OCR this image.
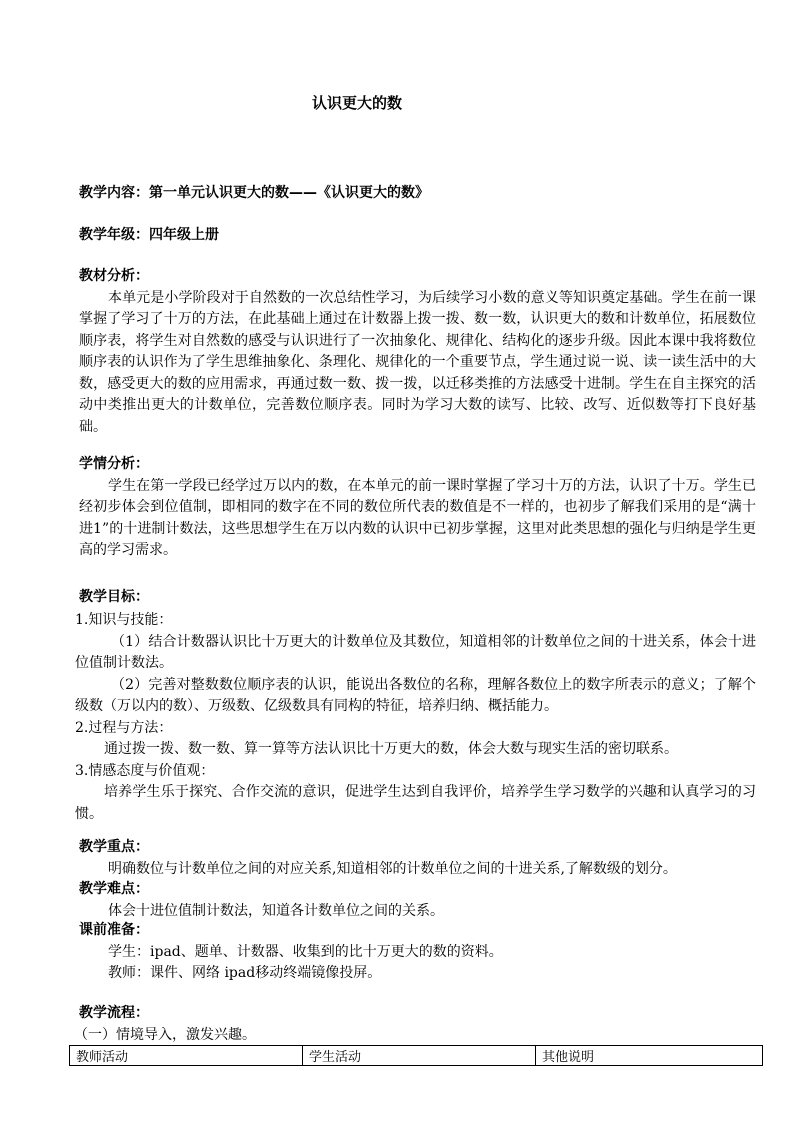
认识更大的数

教学内容：第一单元认识更大的数——《认识更大的数》

教学年级：四年级上册

教材分析：

本单元是小学阶段对于自然数的一次总结性学习，为后续学习小数的意义等知识奠定基础。学生在前一课掌握了学习了十万的方法，在此基础上通过在计数器上拨一拨、数一数，认识更大的数和计数单位，拓展数位顺序表，将学生对自然数的感受与认识进行了一次抽象化、规律化、结构化的逐步升级。因此本课中我将数位顺序表的认识作为了学生思维抽象化、条理化、规律化的一个重要节点，学生通过说一说、读一读生活中的大数，感受更大的数的应用需求，再通过数一数、拨一拨，以迁移类推的方法感受十进制。学生在自主探究的活动中类推出更大的计数单位，完善数位顺序表。同时为学习大数的读写、比较、改写、近似数等打下良好基础。

学情分析：

学生在第一学段已经学过万以内的数，在本单元的前一课时掌握了学习十万的方法，认识了十万。学生已经初步体会到位值制，即相同的数字在不同的数位所代表的数值是不一样的，也初步了解我们采用的是“满十进1”的十进制计数法，这些思想学生在万以内数的认识中已初步掌握，这里对此类思想的强化与归纳是学生更高的学习需求。

教学目标：

1.知识与技能：

（1）结合计数器认识比十万更大的计数单位及其数位，知道相邻的计数单位之间的十进关系，体会十进位值制计数法。

（2）完善对整数数位顺序表的认识，能说出各数位的名称，理解各数位上的数字所表示的意义；了解个级数（万以内的数）、万级数、亿级数具有同构的特征，培养归纳、概括能力。

2.过程与方法：

通过拨一拨、数一数、算一算等方法认识比十万更大的数，体会大数与现实生活的密切联系。

3.情感态度与价值观：

培养学生乐于探究、合作交流的意识，促进学生达到自我评价，培养学生学习数学的兴趣和认真学习的习惯。

教学重点：

明确数位与计数单位之间的对应关系,知道相邻的计数单位之间的十进关系,了解数级的划分。

教学难点：

体会十进位值制计数法，知道各计数单位之间的关系。

课前准备：

学生：ipad、题单、计数器、收集到的比十万更大的数的资料。

教师：课件、网络 ipad移动终端镜像投屏。

教学流程：

（一）情境导入，激发兴趣。

教师活动	学生活动	其他说明
